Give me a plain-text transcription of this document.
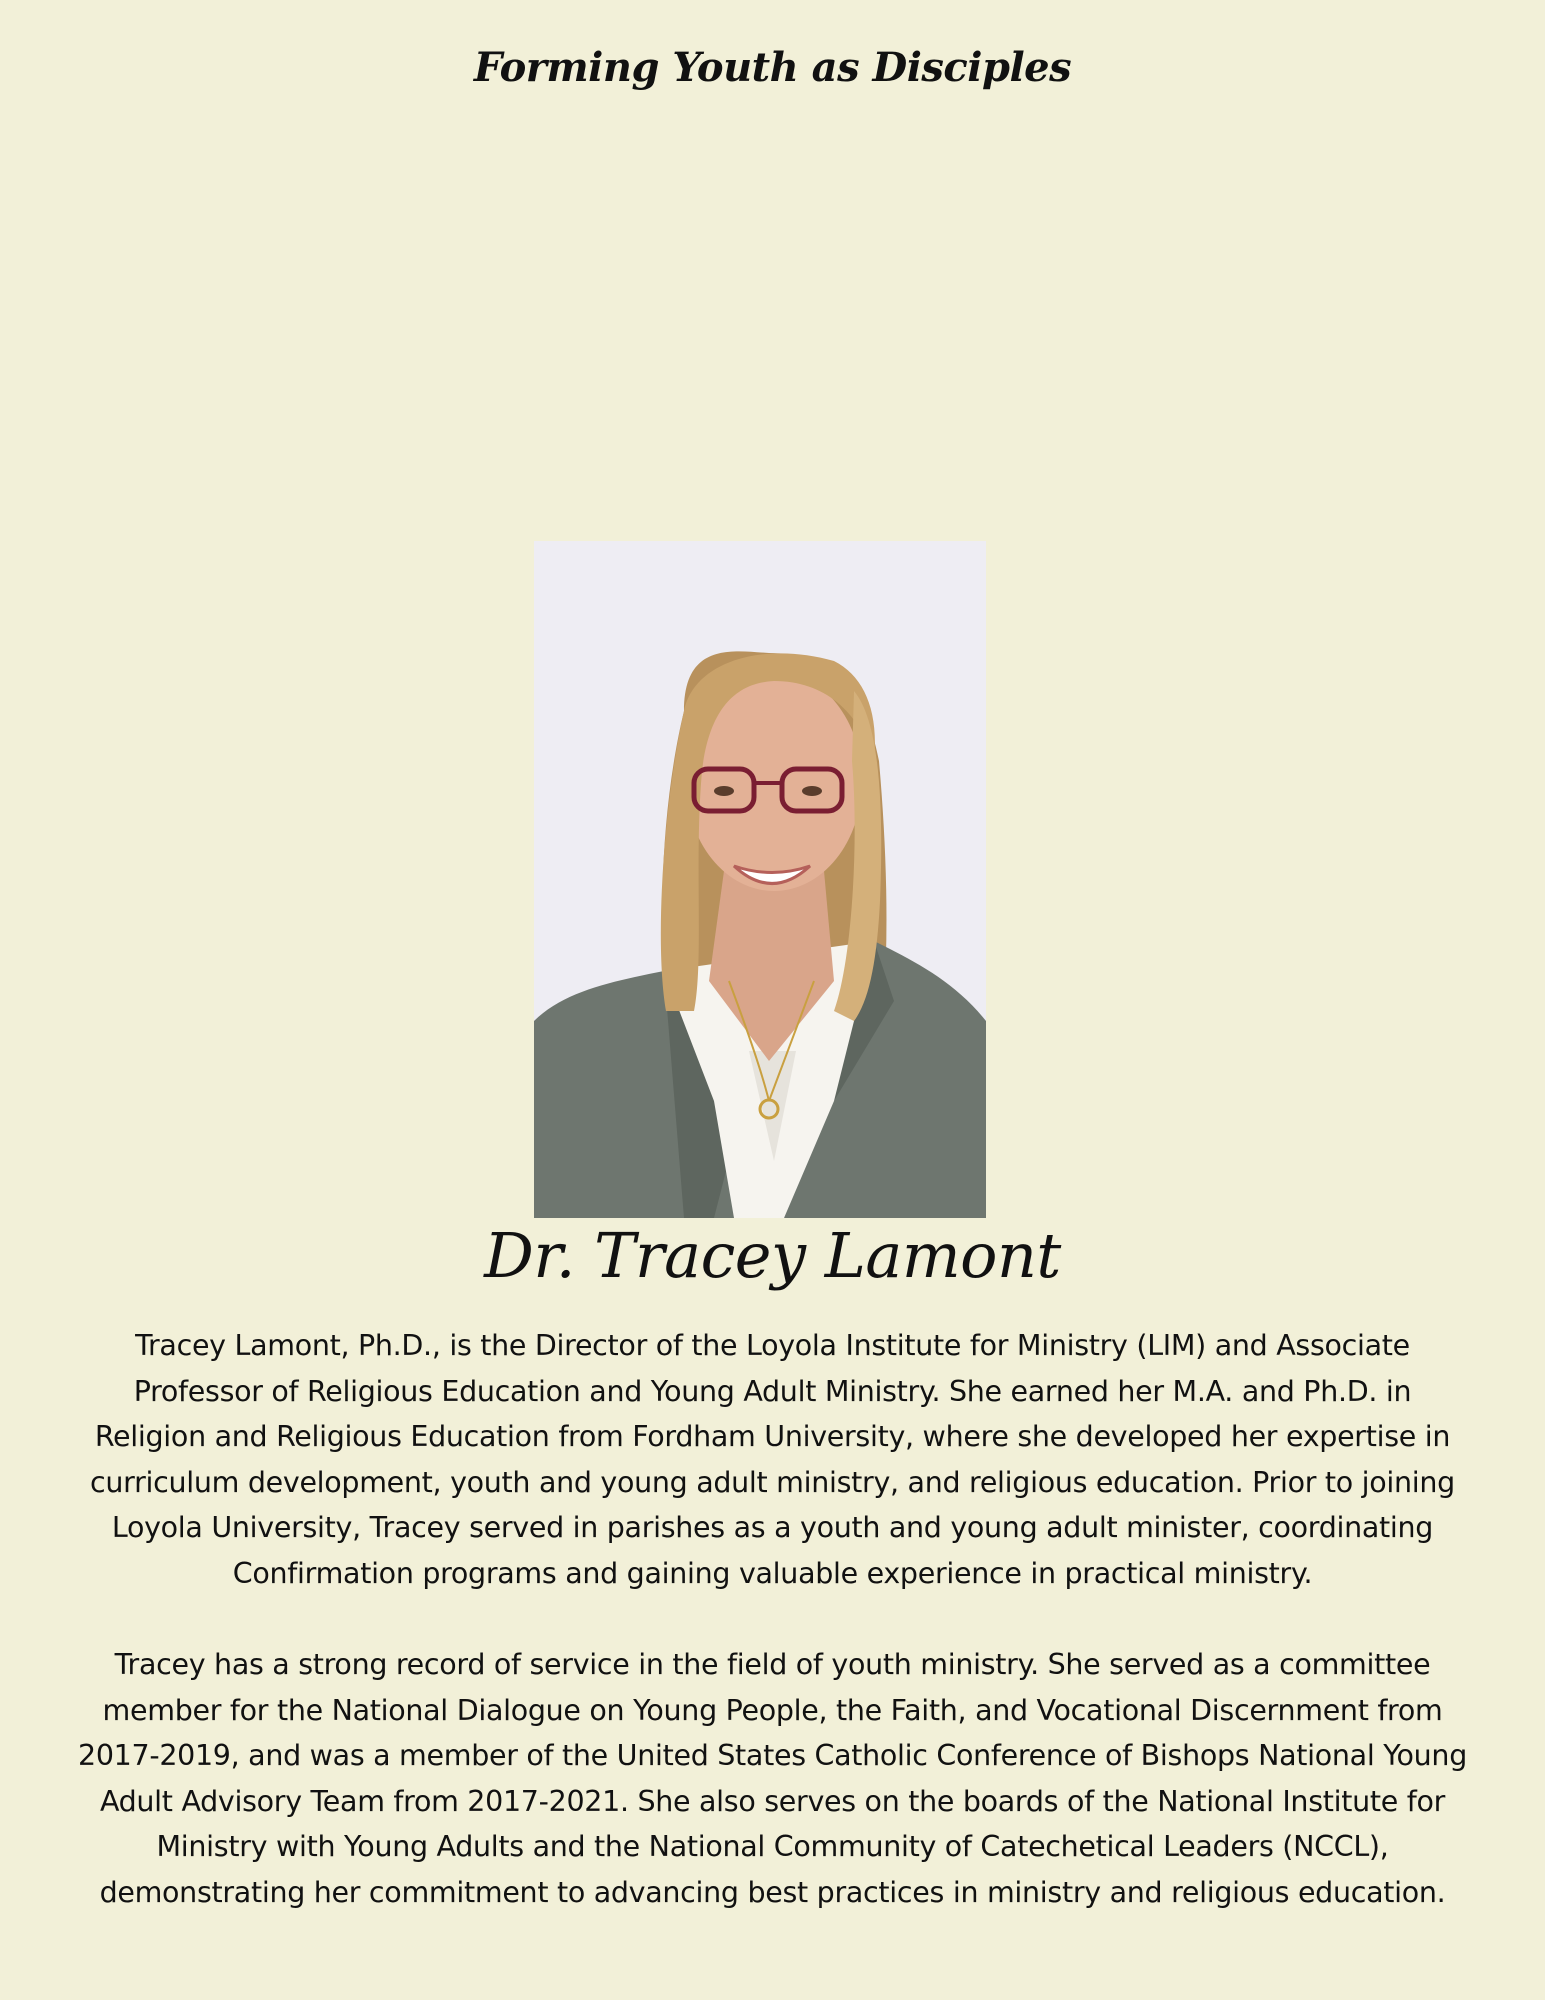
Forming Youth as Disciples
Dr. Tracey Lamont

Tracey Lamont, Ph.D., is the Director of the Loyola Institute for Ministry (LIM) and Associate Professor of Religious Education and Young Adult Ministry. She earned her M.A. and Ph.D. in Religion and Religious Education from Fordham University, where she developed her expertise in curriculum development, youth and young adult ministry, and religious education. Prior to joining Loyola University, Tracey served in parishes as a youth and young adult minister, coordinating Confirmation programs and gaining valuable experience in practical ministry.

Tracey has a strong record of service in the field of youth ministry. She served as a committee member for the National Dialogue on Young People, the Faith, and Vocational Discernment from 2017-2019, and was a member of the United States Catholic Conference of Bishops National Young Adult Advisory Team from 2017-2021. She also serves on the boards of the National Institute for Ministry with Young Adults and the National Community of Catechetical Leaders (NCCL), demonstrating her commitment to advancing best practices in ministry and religious education.
